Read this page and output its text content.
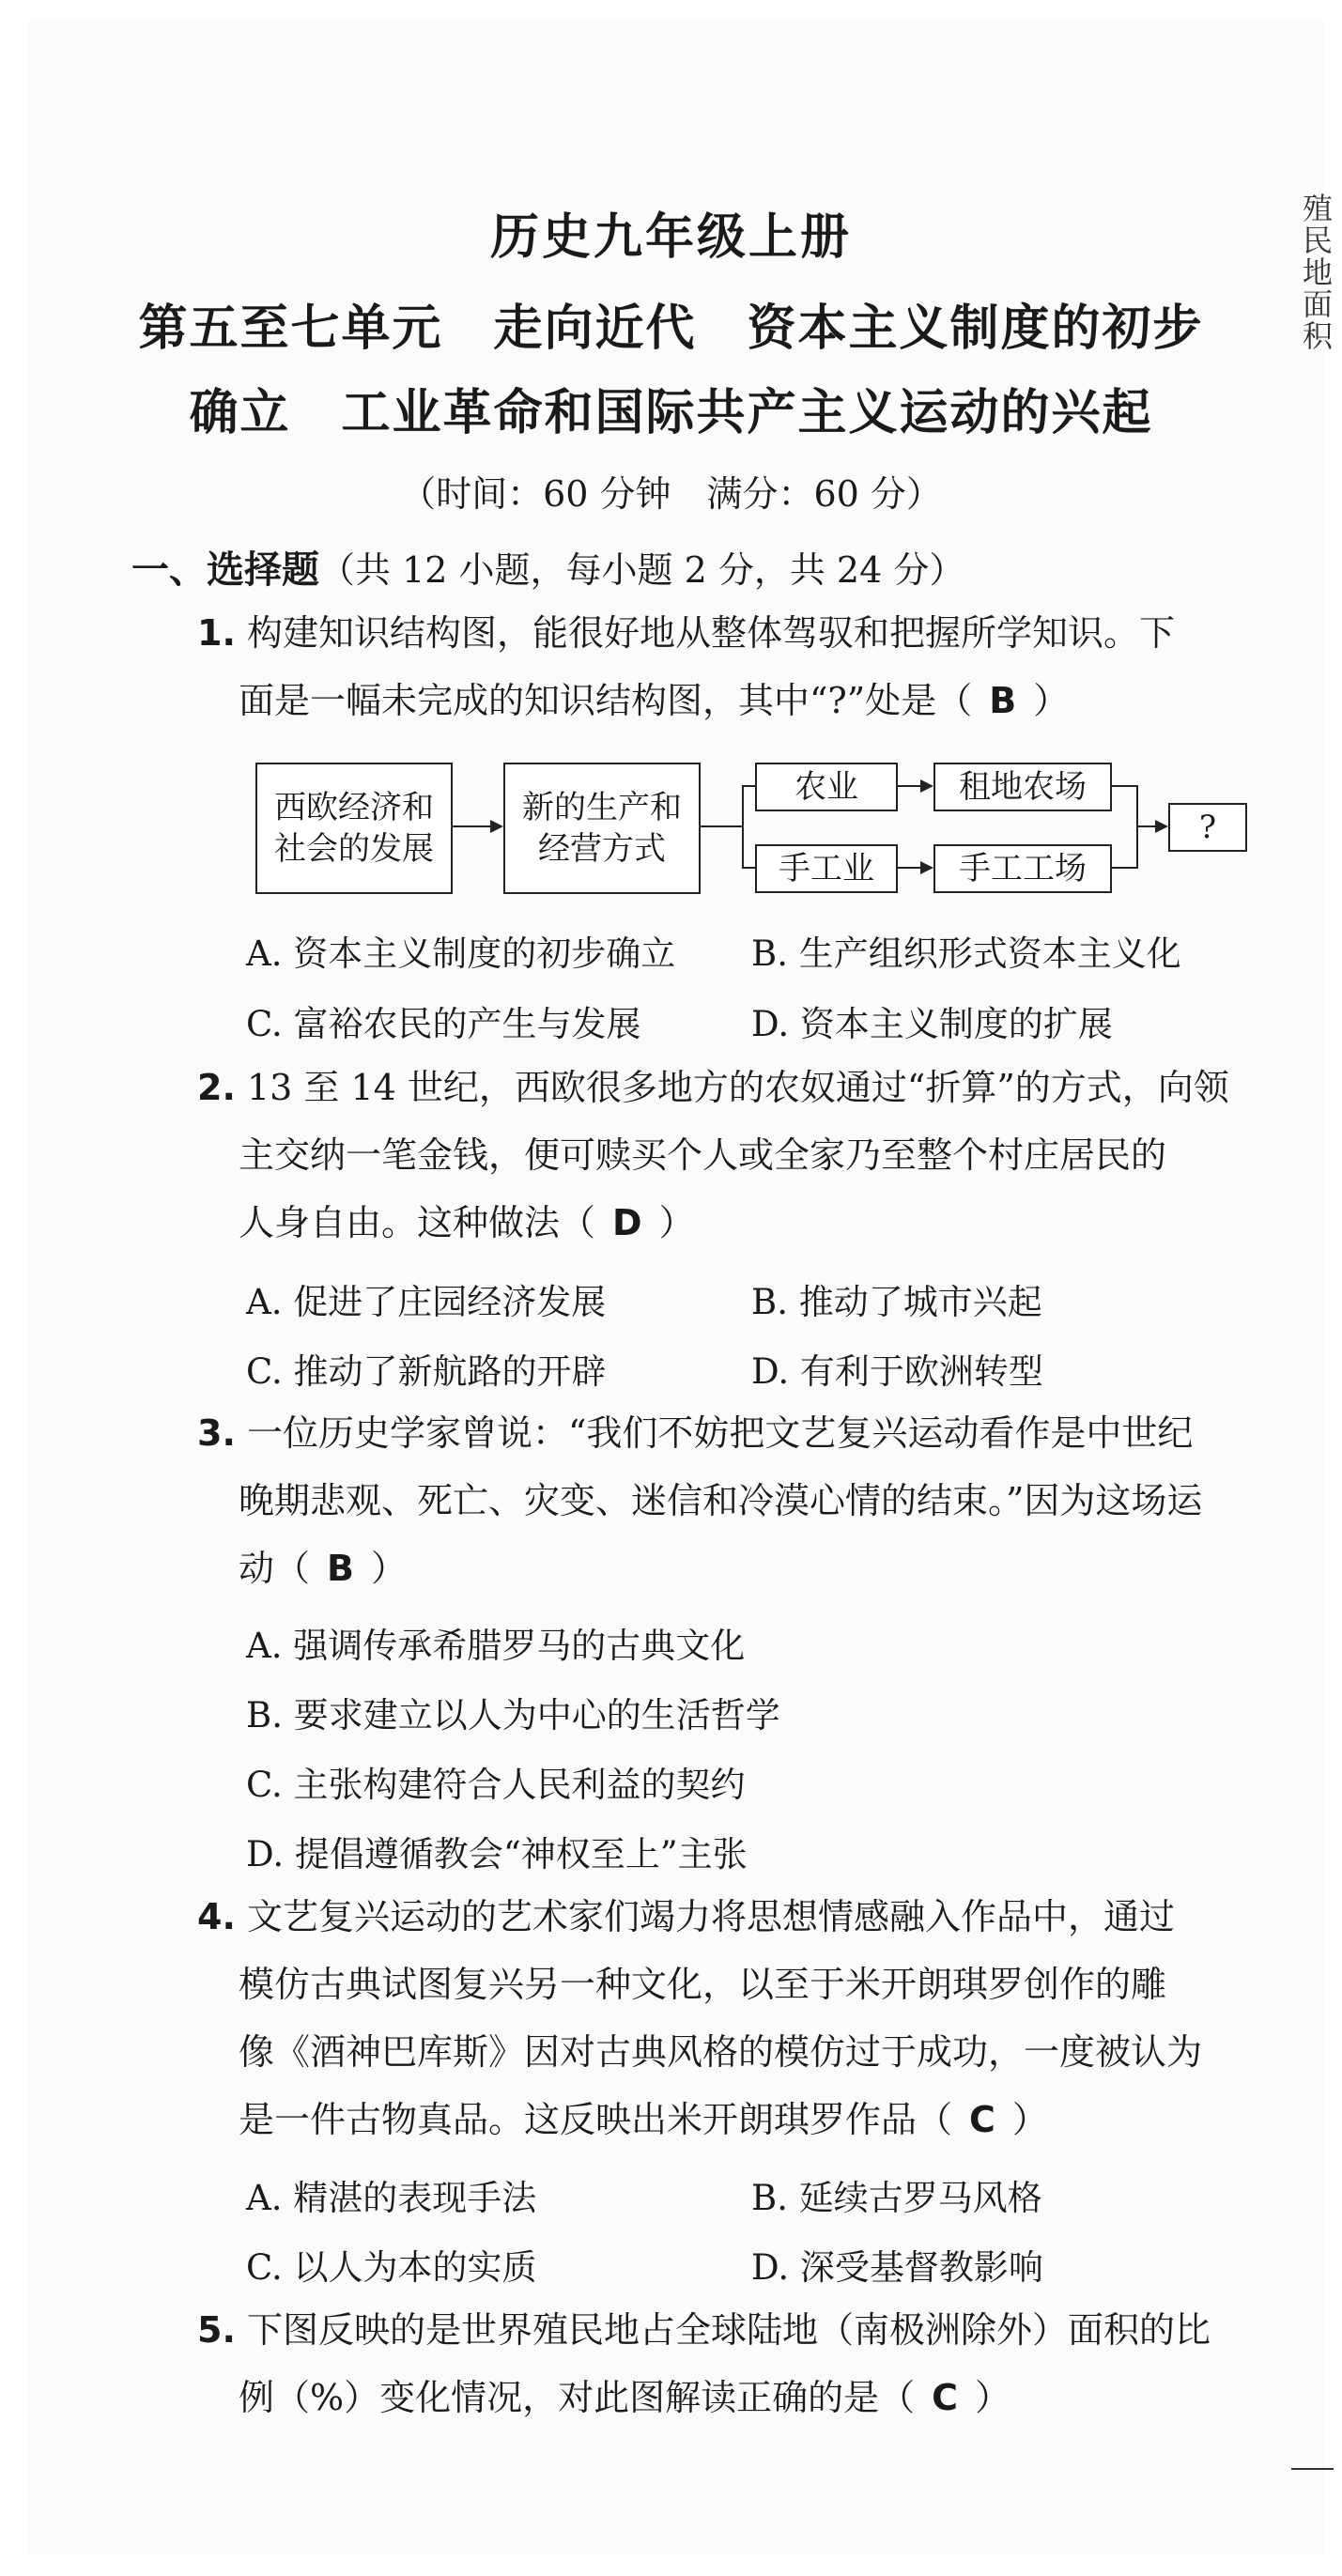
殖民地面积
历史九年级上册
第五至七单元　走向近代　资本主义制度的初步
确立　工业革命和国际共产主义运动的兴起
（时间：60 分钟　满分：60 分）
一、选择题（共 12 小题，每小题 2 分，共 24 分）
1. 构建知识结构图，能很好地从整体驾驭和把握所学知识。下
面是一幅未完成的知识结构图，其中“?”处是（ B ）
西欧经济和
社会的发展
新的生产和
经营方式
农业	租地农场
手工业	手工工场
?
A. 资本主义制度的初步确立 B. 生产组织形式资本主义化
C. 富裕农民的产生与发展	D. 资本主义制度的扩展
2. 13 至 14 世纪，西欧很多地方的农奴通过“折算”的方式，向领
主交纳一笔金钱，便可赎买个人或全家乃至整个村庄居民的
人身自由。这种做法（ D ）
A. 促进了庄园经济发展	B. 推动了城市兴起
C. 推动了新航路的开辟	D. 有利于欧洲转型
3. 一位历史学家曾说：“我们不妨把文艺复兴运动看作是中世纪
晚期悲观、死亡、灾变、迷信和冷漠心情的结束。”因为这场运
动（ B ）
A. 强调传承希腊罗马的古典文化
B. 要求建立以人为中心的生活哲学
C. 主张构建符合人民利益的契约
D. 提倡遵循教会“神权至上”主张
4. 文艺复兴运动的艺术家们竭力将思想情感融入作品中，通过
模仿古典试图复兴另一种文化，以至于米开朗琪罗创作的雕
像《酒神巴库斯》因对古典风格的模仿过于成功，一度被认为
是一件古物真品。这反映出米开朗琪罗作品（ C ）
A. 精湛的表现手法	B. 延续古罗马风格
C. 以人为本的实质	D. 深受基督教影响
5. 下图反映的是世界殖民地占全球陆地（南极洲除外）面积的比
例（%）变化情况，对此图解读正确的是（ C ）
